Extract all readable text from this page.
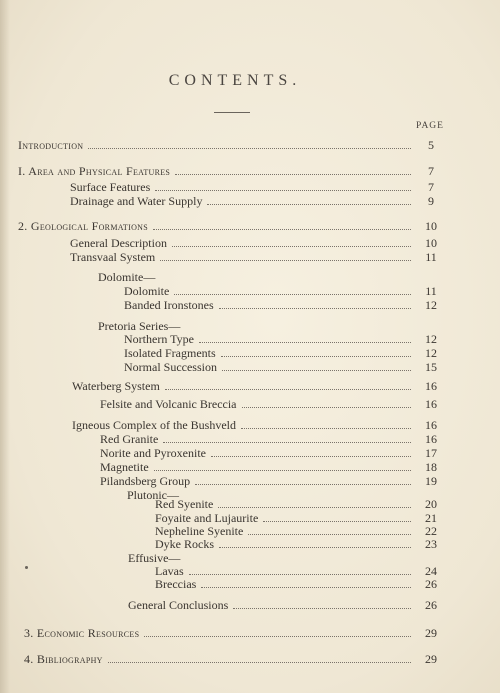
CONTENTS.
PAGE
Introduction	5
I. Area and Physical Features	7
Surface Features	7
Drainage and Water Supply	9
2. Geological Formations	10
General Description	10
Transvaal System	11
Dolomite—
Dolomite	11
Banded Ironstones	12
Pretoria Series—
Northern Type	12
Isolated Fragments	12
Normal Succession	15
Waterberg System	16
Felsite and Volcanic Breccia	16
Igneous Complex of the Bushveld	16
Red Granite	16
Norite and Pyroxenite	17
Magnetite	18
Pilandsberg Group	19
Plutonic—
Red Syenite	20
Foyaite and Lujaurite	21
Nepheline Syenite	22
Dyke Rocks	23
Effusive—
Lavas	24
Breccias	26
General Conclusions	26
3. Economic Resources	29
4. Bibliography	29
